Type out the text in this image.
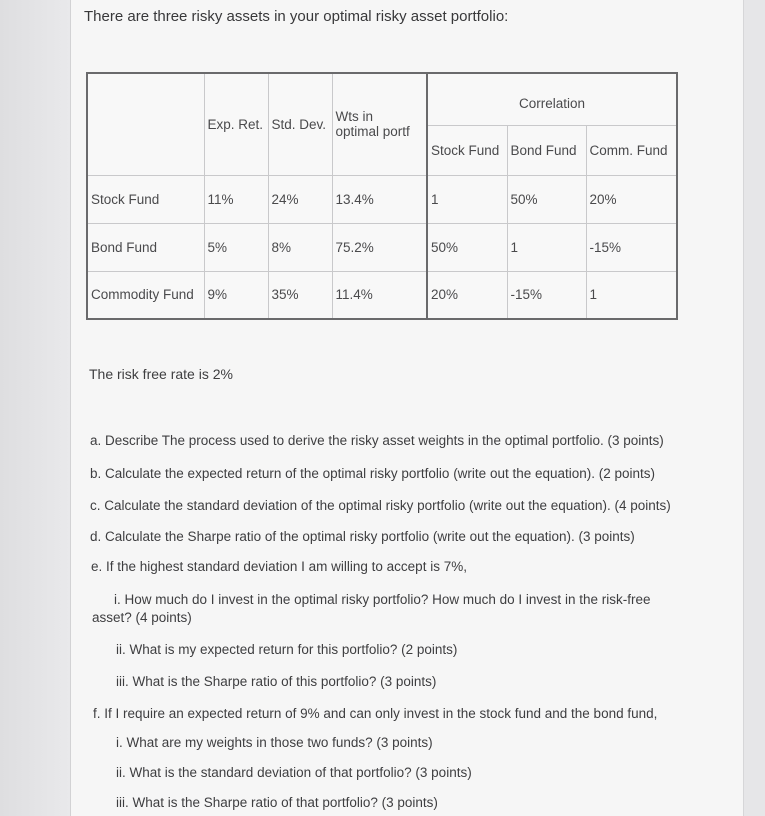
There are three risky assets in your optimal risky asset portfolio:
	Exp. Ret.	Std. Dev.	Wts in
optimal portf	Correlation		
				Stock Fund	Bond Fund	Comm. Fund
Stock Fund	11%	24%	13.4%	1	50%	20%
Bond Fund	5%	8%	75.2%	50%	1	-15%
Commodity Fund	9%	35%	11.4%	20%	-15%	1
The risk free rate is 2%
a. Describe The process used to derive the risky asset weights in the optimal portfolio. (3 points)
b. Calculate the expected return of the optimal risky portfolio (write out the equation). (2 points)
c. Calculate the standard deviation of the optimal risky portfolio (write out the equation). (4 points)
d. Calculate the Sharpe ratio of the optimal risky portfolio (write out the equation). (3 points)
e. If the highest standard deviation I am willing to accept is 7%,
i. How much do I invest in the optimal risky portfolio? How much do I invest in the risk-free
asset? (4 points)
ii. What is my expected return for this portfolio? (2 points)
iii. What is the Sharpe ratio of this portfolio? (3 points)
f. If I require an expected return of 9% and can only invest in the stock fund and the bond fund,
i. What are my weights in those two funds? (3 points)
ii. What is the standard deviation of that portfolio? (3 points)
iii. What is the Sharpe ratio of that portfolio? (3 points)
